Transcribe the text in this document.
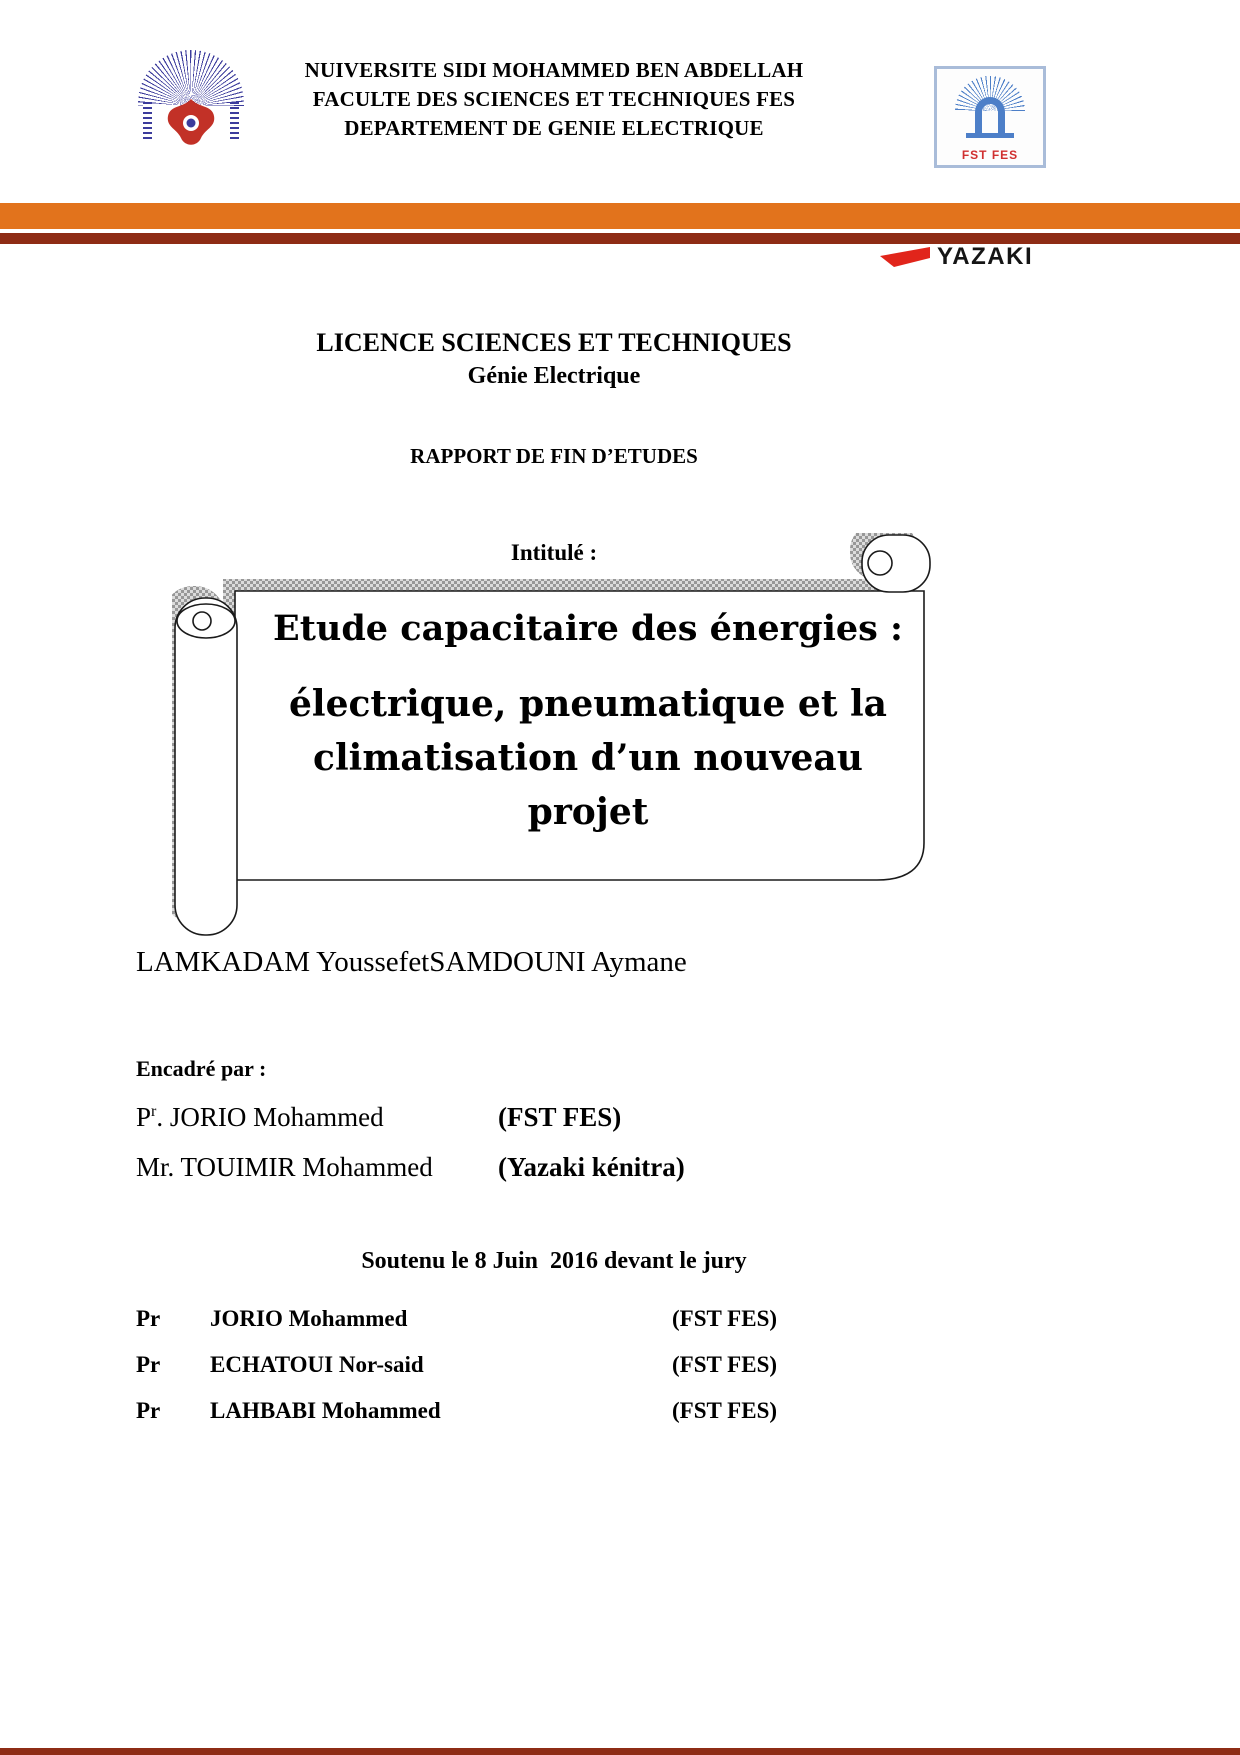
NUIVERSITE SIDI MOHAMMED BEN ABDELLAH
FACULTE DES SCIENCES ET TECHNIQUES FES
DEPARTEMENT DE GENIE ELECTRIQUE
FST FES
YAZAKI
LICENCE SCIENCES ET TECHNIQUES
Génie Electrique
RAPPORT DE FIN D’ETUDES
Intitulé :
Etude capacitaire des énergies :
électrique, pneumatique et la
climatisation d’un nouveau projet
LAMKADAM YoussefetSAMDOUNI Aymane
Encadré par :
$P^r$. JORIO Mohammed	(FST FES)
Mr. TOUIMIR Mohammed	(Yazaki kénitra)
Soutenu le 8 Juin  2016 devant le jury
Pr	JORIO Mohammed	(FST FES)
Pr	ECHATOUI Nor-said	(FST FES)
Pr	LAHBABI Mohammed	(FST FES)
